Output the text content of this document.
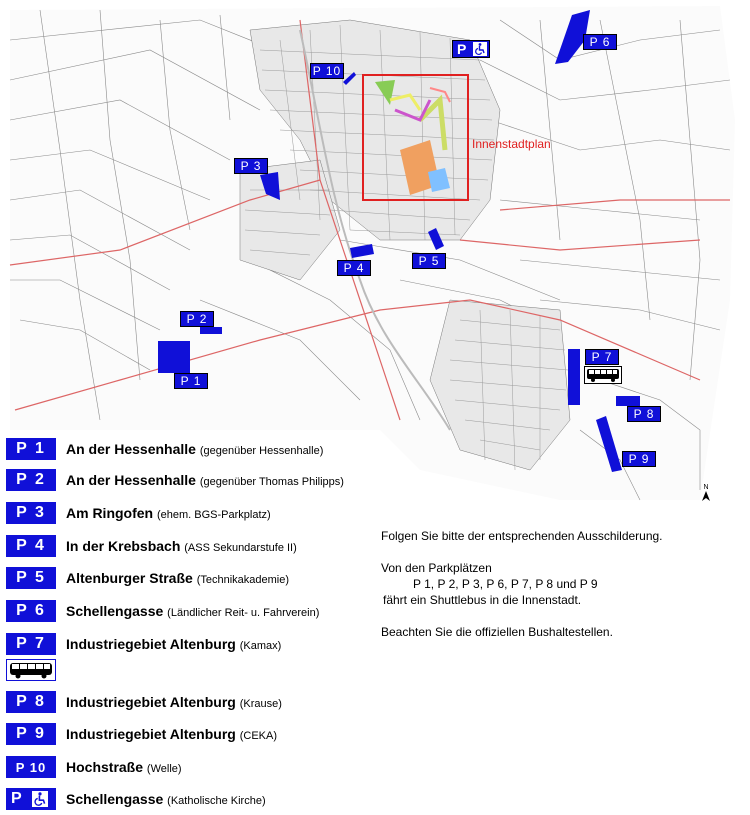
Innenstadtplan
P 1
P 2
P 3
P 4	P 5
P 6
P 7
P 8
P 9
P 10
P
N
P 1	An der Hessenhalle (gegenüber Hessenhalle)
P 2	An der Hessenhalle (gegenüber Thomas Philipps)
P 3	Am Ringofen (ehem. BGS-Parkplatz)
P 4	In der Krebsbach (ASS Sekundarstufe II)
P 5	Altenburger Straße (Technikakademie)
P 6	Schellengasse (Ländlicher Reit- u. Fahrverein)
P 7	Industriegebiet Altenburg (Kamax)
P 8	Industriegebiet Altenburg (Krause)
P 9	Industriegebiet Altenburg (CEKA)
P 10	Hochstraße (Welle)
P	Schellengasse (Katholische Kirche)

Folgen Sie bitte der entsprechenden Ausschilderung.

Von den Parkplätzen

P 1, P 2, P 3, P 6, P 7, P 8 und P 9

fährt ein Shuttlebus in die Innenstadt.

Beachten Sie die offiziellen Bushaltestellen.
